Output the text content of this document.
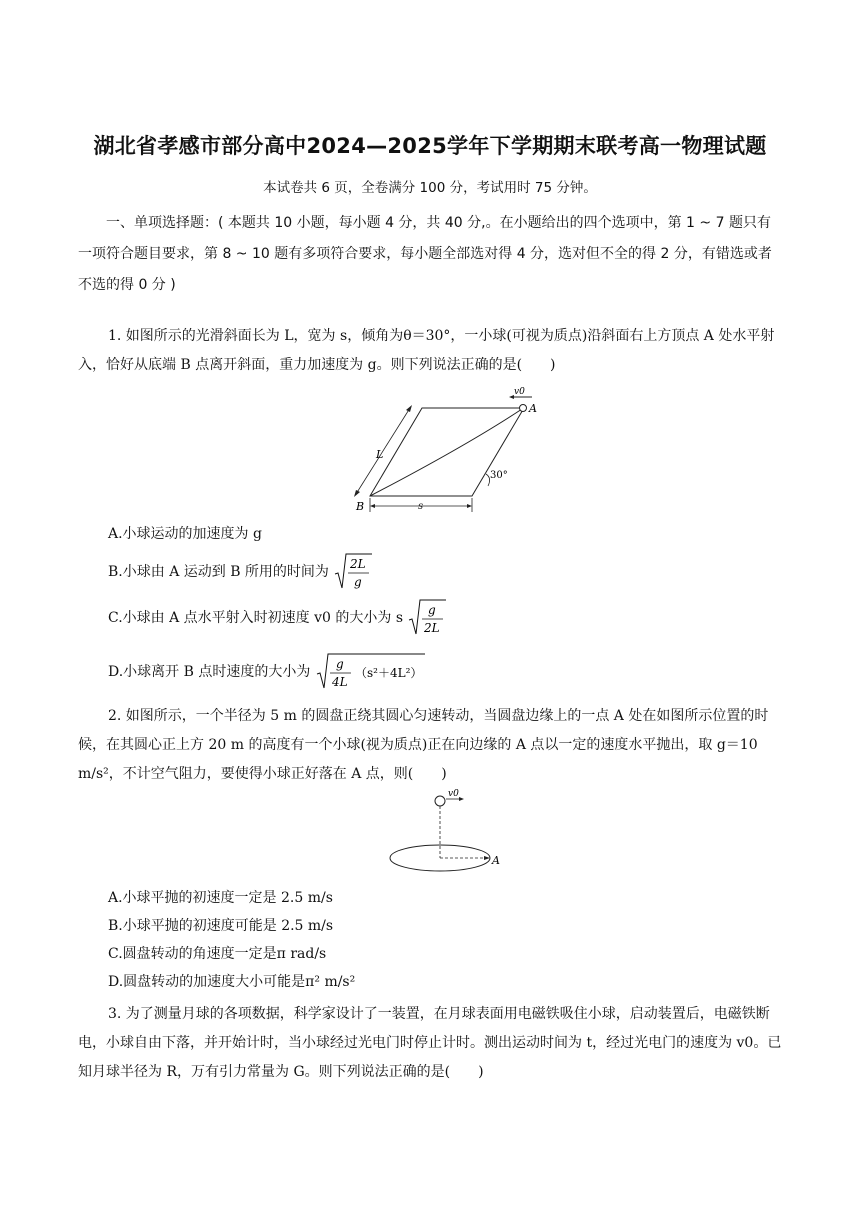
湖北省孝感市部分高中2024—2025学年下学期期末联考高一物理试题
本试卷共 6 页，全卷满分 100 分，考试用时 75 分钟。
一、单项选择题：( 本题共 10 小题，每小题 4 分，共 40 分,。在小题给出的四个选项中，第 1 ~ 7 题只有一项符合题目要求，第 8 ~ 10 题有多项符合要求，每小题全部选对得 4 分，选对但不全的得 2 分，有错选或者不选的得 0 分 )
1. 如图所示的光滑斜面长为 L，宽为 s，倾角为θ＝30°，一小球(可视为质点)沿斜面右上方顶点 A 处水平射入，恰好从底端 B 点离开斜面，重力加速度为 g。则下列说法正确的是(　　)
v0
A
B
L
s
30°
A.小球运动的加速度为 g
B.小球由 A 运动到 B 所用的时间为 2L
g
C.小球由 A 点水平射入时初速度 v0 的大小为 s g
2L
D.小球离开 B 点时速度的大小为 g
4L
（s²＋4L²）
2. 如图所示，一个半径为 5 m 的圆盘正绕其圆心匀速转动，当圆盘边缘上的一点 A 处在如图所示位置的时候，在其圆心正上方 20 m 的高度有一个小球(视为质点)正在向边缘的 A 点以一定的速度水平抛出，取 g＝10 m/s²，不计空气阻力，要使得小球正好落在 A 点，则(　　)
v0
A
A.小球平抛的初速度一定是 2.5 m/s
B.小球平抛的初速度可能是 2.5 m/s
C.圆盘转动的角速度一定是π rad/s
D.圆盘转动的加速度大小可能是π² m/s²
3. 为了测量月球的各项数据，科学家设计了一装置，在月球表面用电磁铁吸住小球，启动装置后，电磁铁断电，小球自由下落，并开始计时，当小球经过光电门时停止计时。测出运动时间为 t，经过光电门的速度为 v0。已知月球半径为 R，万有引力常量为 G。则下列说法正确的是(　　)
